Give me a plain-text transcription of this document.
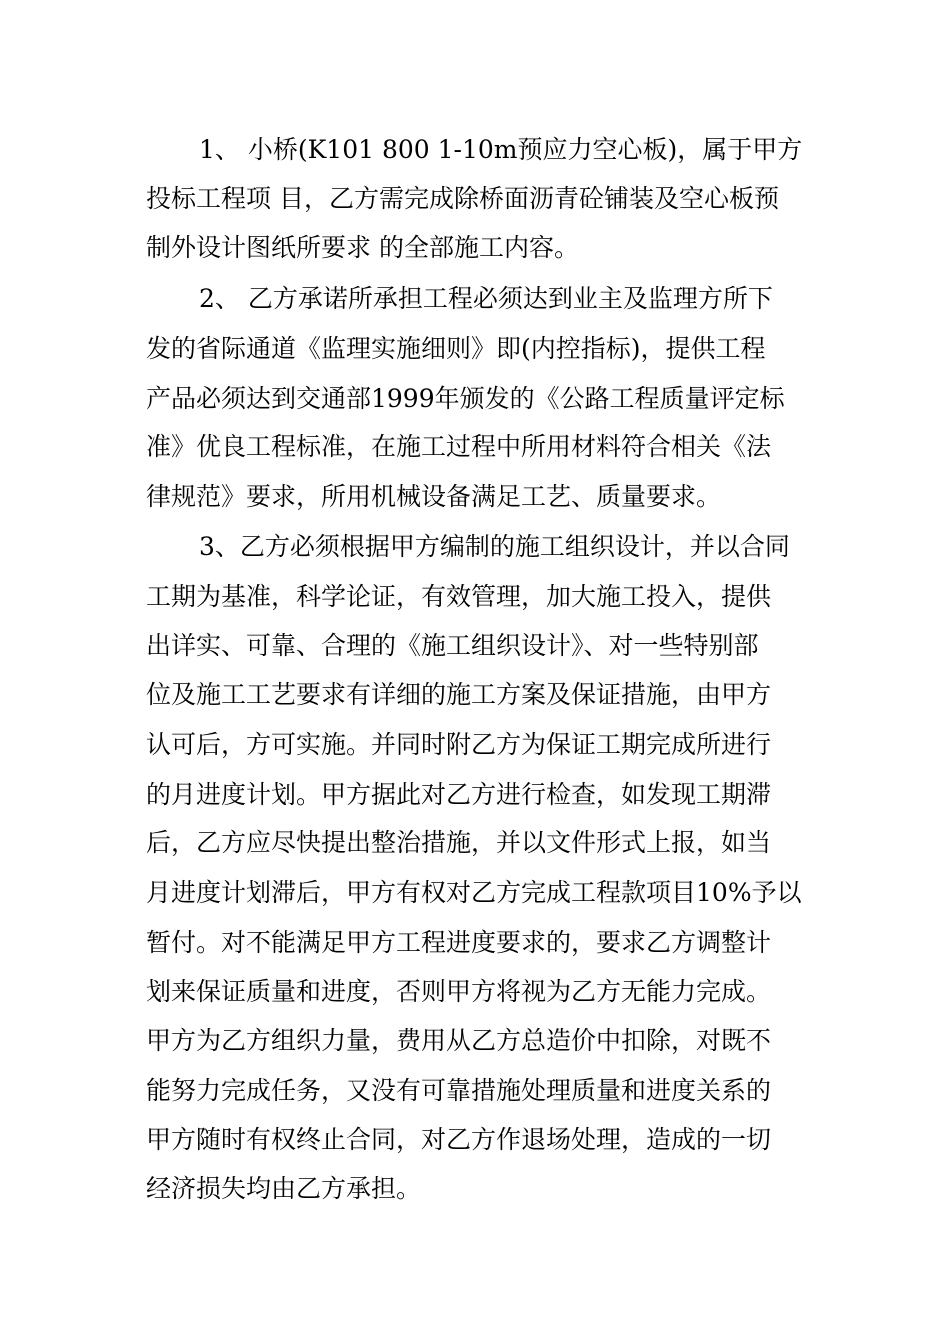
1、 小桥(K101 800 1-10m预应力空心板)，属于甲方
投标工程项 目，乙方需完成除桥面沥青砼铺装及空心板预
制外设计图纸所要求 的全部施工内容。
2、 乙方承诺所承担工程必须达到业主及监理方所下
发的省际通道《监理实施细则》即(内控指标)，提供工程
产品必须达到交通部1999年颁发的《公路工程质量评定标
准》优良工程标准，在施工过程中所用材料符合相关《法
律规范》要求，所用机械设备满足工艺、质量要求。
3、乙方必须根据甲方编制的施工组织设计，并以合同
工期为基准，科学论证，有效管理，加大施工投入，提供
出详实、可靠、合理的《施工组织设计》、对一些特别部
位及施工工艺要求有详细的施工方案及保证措施，由甲方
认可后，方可实施。并同时附乙方为保证工期完成所进行
的月进度计划。甲方据此对乙方进行检查，如发现工期滞
后，乙方应尽快提出整治措施，并以文件形式上报，如当
月进度计划滞后，甲方有权对乙方完成工程款项目10%予以
暂付。对不能满足甲方工程进度要求的，要求乙方调整计
划来保证质量和进度，否则甲方将视为乙方无能力完成。
甲方为乙方组织力量，费用从乙方总造价中扣除，对既不
能努力完成任务，又没有可靠措施处理质量和进度关系的
甲方随时有权终止合同，对乙方作退场处理，造成的一切
经济损失均由乙方承担。
